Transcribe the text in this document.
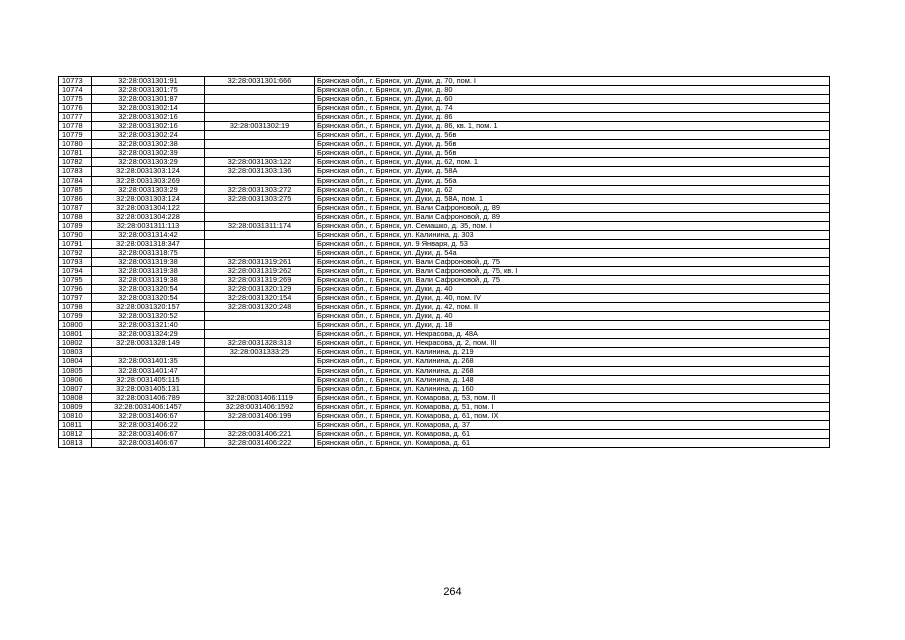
10773	32:28:0031301:91	32:28:0031301:666	Брянская обл., г. Брянск, ул. Дуки, д. 70, пом. I
10774	32:28:0031301:75		Брянская обл., г. Брянск, ул. Дуки, д. 80
10775	32:28:0031301:87		Брянская обл., г. Брянск, ул. Дуки, д. 60
10776	32:28:0031302:14		Брянская обл., г. Брянск, ул. Дуки, д. 74
10777	32:28:0031302:16		Брянская обл., г. Брянск, ул. Дуки, д. 86
10778	32:28:0031302:16	32:28:0031302:19	Брянская обл., г. Брянск, ул. Дуки, д. 86, кв. 1, пом. 1
10779	32:28:0031302:24		Брянская обл., г. Брянск, ул. Дуки, д. 56в
10780	32:28:0031302:38		Брянская обл., г. Брянск, ул. Дуки, д. 56в
10781	32:28:0031302:39		Брянская обл., г. Брянск, ул. Дуки, д. 56в
10782	32:28:0031303:29	32:28:0031303:122	Брянская обл., г. Брянск, ул. Дуки, д. 62, пом. 1
10783	32:28:0031303:124	32:28:0031303:136	Брянская обл., г. Брянск, ул. Дуки, д. 58А
10784	32:28:0031303:269		Брянская обл., г. Брянск, ул. Дуки, д. 56а
10785	32:28:0031303:29	32:28:0031303:272	Брянская обл., г. Брянск, ул. Дуки, д. 62
10786	32:28:0031303:124	32:28:0031303:275	Брянская обл., г. Брянск, ул. Дуки, д. 58А, пом. 1
10787	32:28:0031304:122		Брянская обл., г. Брянск, ул. Вали Сафроновой, д. 89
10788	32:28:0031304:228		Брянская обл., г. Брянск, ул. Вали Сафроновой, д. 89
10789	32:28:0031311:113	32:28:0031311:174	Брянская обл., г. Брянск, ул. Семашко, д. 35, пом. I
10790	32:28:0031314:42		Брянская обл., г. Брянск, ул. Калинина, д. 303
10791	32:28:0031318:347		Брянская обл., г. Брянск, ул. 9 Января, д. 53
10792	32:28:0031318:75		Брянская обл., г. Брянск, ул. Дуки, д. 54а
10793	32:28:0031319:38	32:28:0031319:261	Брянская обл., г. Брянск, ул. Вали Сафроновой, д. 75
10794	32:28:0031319:38	32:28:0031319:262	Брянская обл., г. Брянск, ул. Вали Сафроновой, д. 75, кв. I
10795	32:28:0031319:38	32:28:0031319:269	Брянская обл., г. Брянск, ул. Вали Сафроновой, д. 75
10796	32:28:0031320:54	32:28:0031320:129	Брянская обл., г. Брянск, ул. Дуки, д. 40
10797	32:28:0031320:54	32:28:0031320:154	Брянская обл., г. Брянск, ул. Дуки, д. 40, пом. IV
10798	32:28:0031320:157	32:28:0031320:248	Брянская обл., г. Брянск, ул. Дуки, д. 42, пом. II
10799	32:28:0031320:52		Брянская обл., г. Брянск, ул. Дуки, д. 40
10800	32:28:0031321:40		Брянская обл., г. Брянск, ул. Дуки, д. 18
10801	32:28:0031324:29		Брянская обл., г. Брянск, ул. Некрасова, д. 48А
10802	32:28:0031328:149	32:28:0031328:313	Брянская обл., г. Брянск, ул. Некрасова, д. 2, пом. III
10803		32:28:0031333:25	Брянская обл., г. Брянск, ул. Калинина, д. 219
10804	32:28:0031401:35		Брянская обл., г. Брянск, ул. Калинина, д. 268
10805	32:28:0031401:47		Брянская обл., г. Брянск, ул. Калинина, д. 268
10806	32:28:0031405:115		Брянская обл., г. Брянск, ул. Калинина, д. 148
10807	32:28:0031405:131		Брянская обл., г. Брянск, ул. Калинина, д. 160
10808	32:28:0031406:789	32:28:0031406:1119	Брянская обл., г. Брянск, ул. Комарова, д. 53, пом. II
10809	32:28:0031406:1457	32:28:0031406:1592	Брянская обл., г. Брянск, ул. Комарова, д. 51, пом. I
10810	32:28:0031406:67	32:28:0031406:199	Брянская обл., г. Брянск, ул. Комарова, д. 61, пом. IX
10811	32:28:0031406:22		Брянская обл., г. Брянск, ул. Комарова, д. 37
10812	32:28:0031406:67	32:28:0031406:221	Брянская обл., г. Брянск, ул. Комарова, д. 61
10813	32:28:0031406:67	32:28:0031406:222	Брянская обл., г. Брянск, ул. Комарова, д. 61
264
